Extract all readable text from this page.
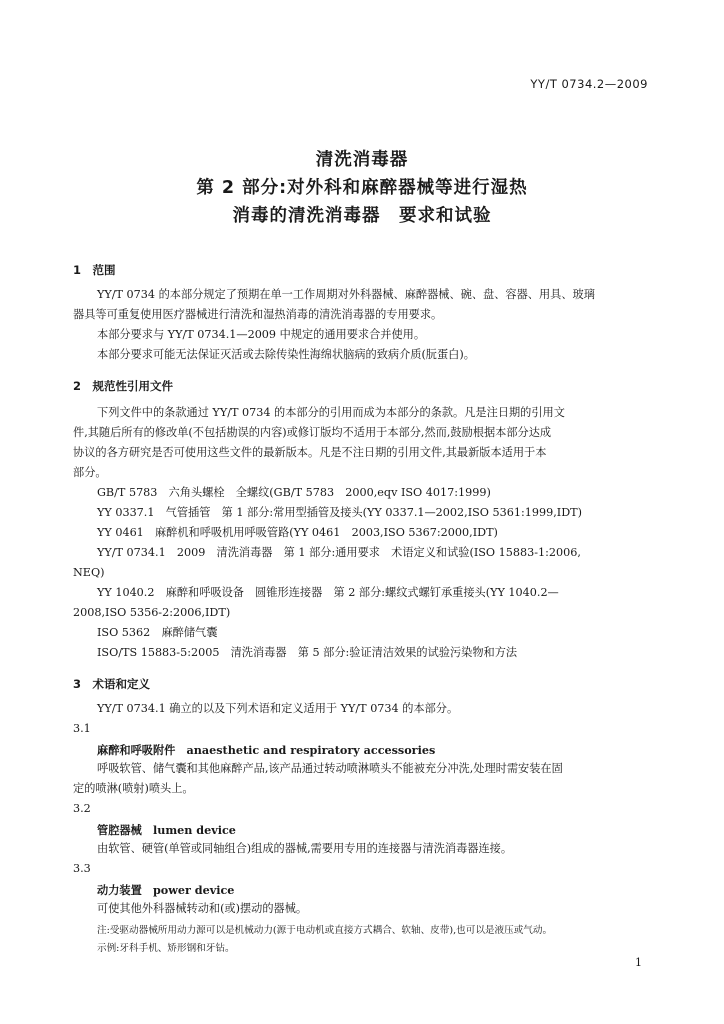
YY/T 0734.2—2009
清洗消毒器
第 2 部分:对外科和麻醉器械等进行湿热
消毒的清洗消毒器　要求和试验
1　范围
YY/T 0734 的本部分规定了预期在单一工作周期对外科器械、麻醉器械、碗、盘、容器、用具、玻璃
器具等可重复使用医疗器械进行清洗和湿热消毒的清洗消毒器的专用要求。
本部分要求与 YY/T 0734.1—2009 中规定的通用要求合并使用。
本部分要求可能无法保证灭活或去除传染性海绵状脑病的致病介质(朊蛋白)。
2　规范性引用文件
下列文件中的条款通过 YY/T 0734 的本部分的引用而成为本部分的条款。凡是注日期的引用文
件,其随后所有的修改单(不包括勘误的内容)或修订版均不适用于本部分,然而,鼓励根据本部分达成
协议的各方研究是否可使用这些文件的最新版本。凡是不注日期的引用文件,其最新版本适用于本
部分。
GB/T 5783　六角头螺栓　全螺纹(GB/T 5783　2000,eqv ISO 4017:1999)
YY 0337.1　气管插管　第 1 部分:常用型插管及接头(YY 0337.1—2002,ISO 5361:1999,IDT)
YY 0461　麻醉机和呼吸机用呼吸管路(YY 0461　2003,ISO 5367:2000,IDT)
YY/T 0734.1　2009　清洗消毒器　第 1 部分:通用要求　术语定义和试验(ISO 15883-1:2006,
NEQ)
YY 1040.2　麻醉和呼吸设备　圆锥形连接器　第 2 部分:螺纹式螺钉承重接头(YY 1040.2—
2008,ISO 5356-2:2006,IDT)
ISO 5362　麻醉储气囊
ISO/TS 15883-5:2005　清洗消毒器　第 5 部分:验证清洁效果的试验污染物和方法
3　术语和定义
YY/T 0734.1 确立的以及下列术语和定义适用于 YY/T 0734 的本部分。
3.1
麻醉和呼吸附件　anaesthetic and respiratory accessories
呼吸软管、储气囊和其他麻醉产品,该产品通过转动喷淋喷头不能被充分冲洗,处理时需安装在固
定的喷淋(喷射)喷头上。
3.2
管腔器械　lumen device
由软管、硬管(单管或同轴组合)组成的器械,需要用专用的连接器与清洗消毒器连接。
3.3
动力装置　power device
可使其他外科器械转动和(或)摆动的器械。
注:受驱动器械所用动力源可以是机械动力(源于电动机或直接方式耦合、软轴、皮带),也可以是液压或气动。
示例:牙科手机、矫形钢和牙钻。
1
